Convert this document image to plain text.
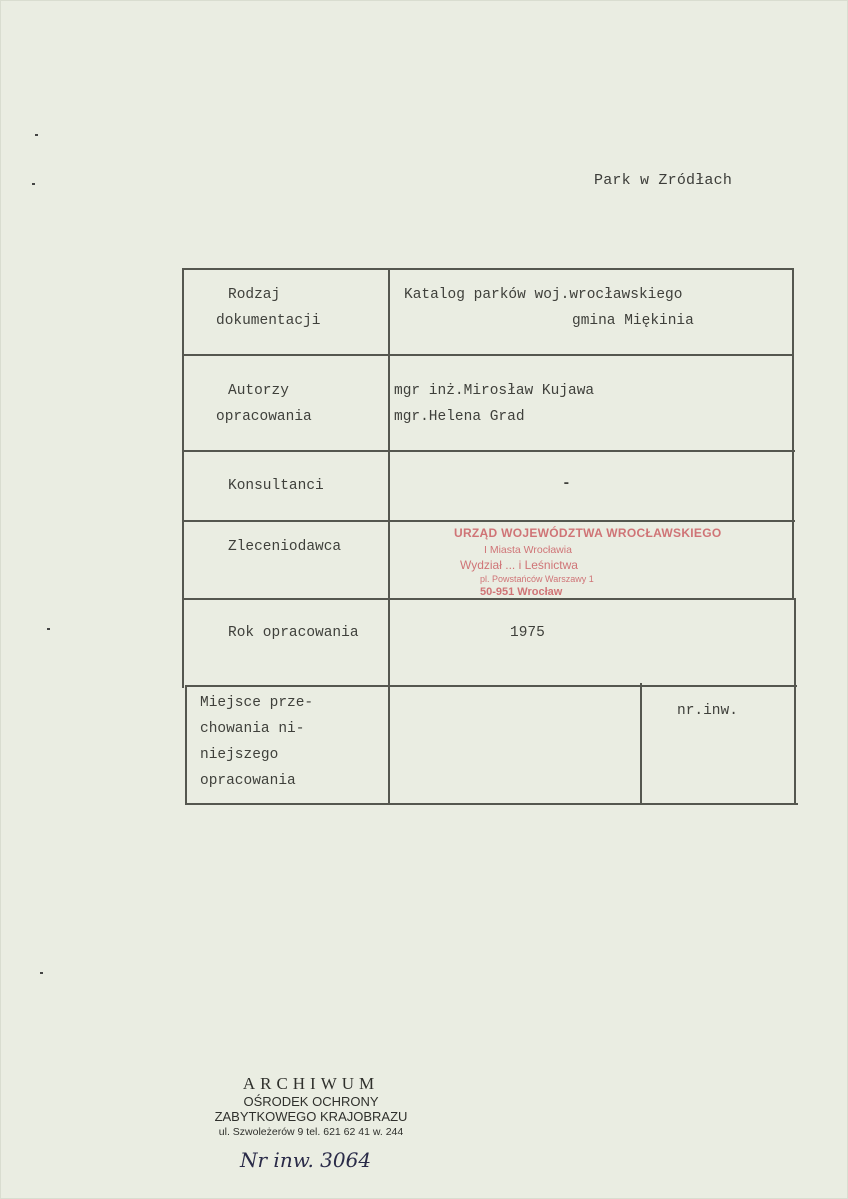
Park w Zródłach
Rodzaj
dokumentacji
Katalog parków woj.wrocławskiego
gmina Miękinia
Autorzy
opracowania
mgr inż.Mirosław Kujawa
mgr.Helena Grad
Konsultanci	-
Zleceniodawca
Rok opracowania	1975
Miejsce prze-
chowania ni-
niejszego
opracowania
nr.inw.
URZĄD WOJEWÓDZTWA WROCŁAWSKIEGO
I Miasta Wrocławia
Wydział ... i Leśnictwa
pl. Powstańców Warszawy 1
50-951 Wrocław
ARCHIWUM
OŚRODEK OCHRONY
ZABYTKOWEGO KRAJOBRAZU
ul. Szwoleżerów 9 tel. 621 62 41 w. 244
Nr inw. 3064
